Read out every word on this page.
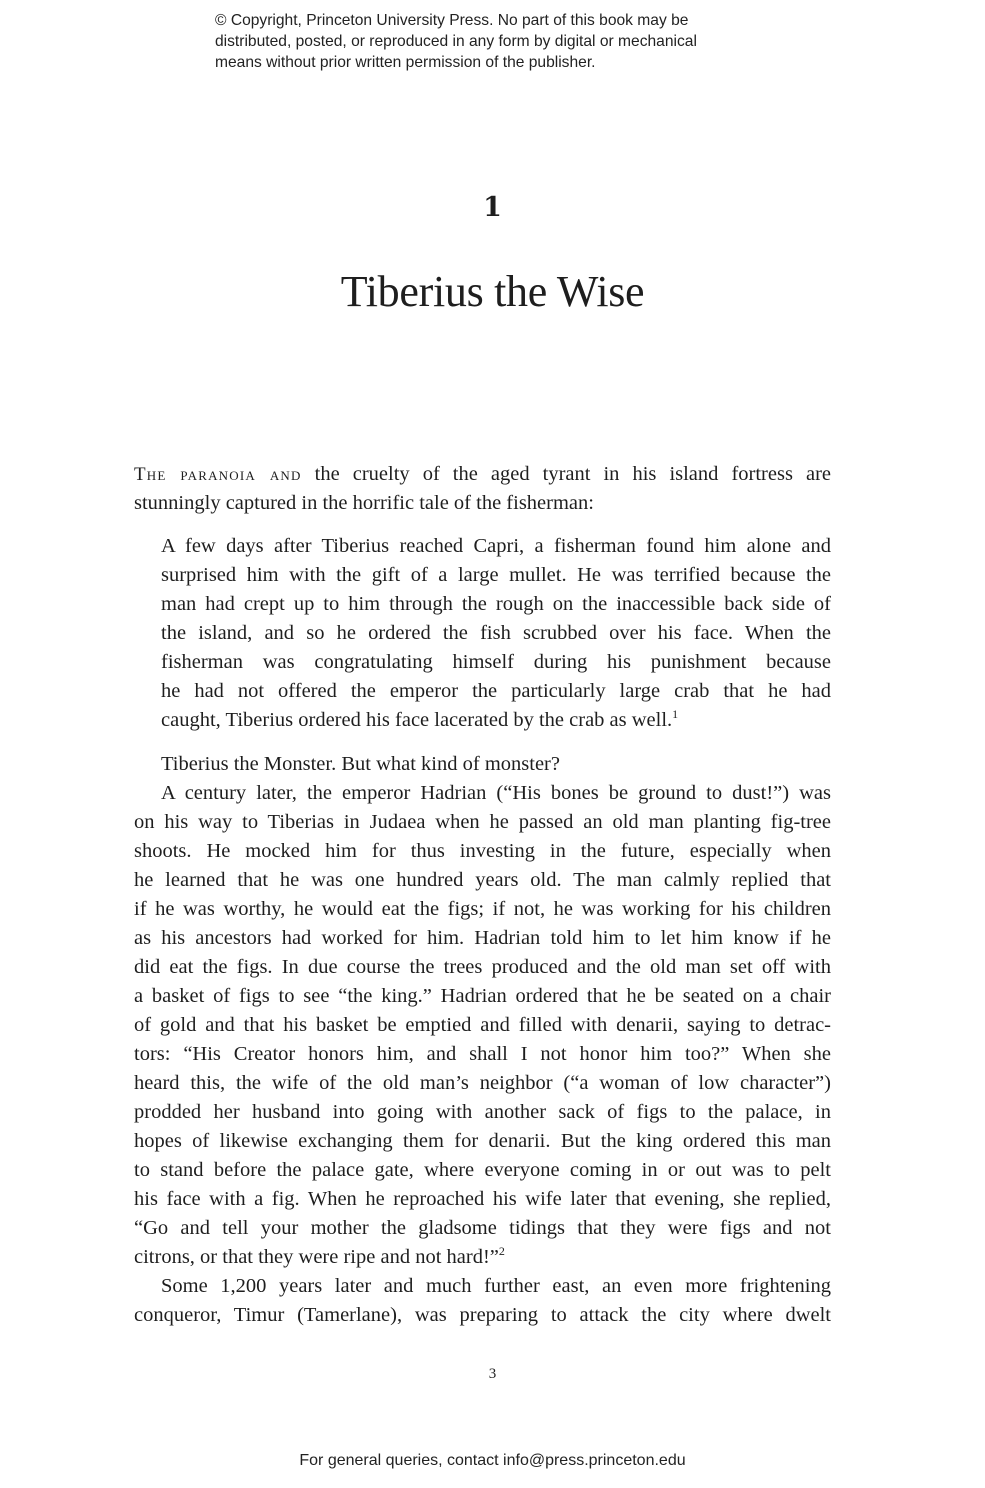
© Copyright, Princeton University Press. No part of this book may be
distributed, posted, or reproduced in any form by digital or mechanical
means without prior written permission of the publisher.
1
Tiberius the Wise
The paranoia and the cruelty of the aged tyrant in his island fortress are
stunningly captured in the horrific tale of the fisherman:
A few days after Tiberius reached Capri, a fisherman found him alone and
surprised him with the gift of a large mullet. He was terrified because the
man had crept up to him through the rough on the inaccessible back side of
the island, and so he ordered the fish scrubbed over his face. When the
fisherman was congratulating himself during his punishment because
he had not offered the emperor the particularly large crab that he had
caught, Tiberius ordered his face lacerated by the crab as well.$^1$
Tiberius the Monster. But what kind of monster?
A century later, the emperor Hadrian (“His bones be ground to dust!”) was
on his way to Tiberias in Judaea when he passed an old man planting fig-tree
shoots. He mocked him for thus investing in the future, especially when
he learned that he was one hundred years old. The man calmly replied that
if he was worthy, he would eat the figs; if not, he was working for his children
as his ancestors had worked for him. Hadrian told him to let him know if he
did eat the figs. In due course the trees produced and the old man set off with
a basket of figs to see “the king.” Hadrian ordered that he be seated on a chair
of gold and that his basket be emptied and filled with denarii, saying to detrac-
tors: “His Creator honors him, and shall I not honor him too?” When she
heard this, the wife of the old man’s neighbor (“a woman of low character”)
prodded her husband into going with another sack of figs to the palace, in
hopes of likewise exchanging them for denarii. But the king ordered this man
to stand before the palace gate, where everyone coming in or out was to pelt
his face with a fig. When he reproached his wife later that evening, she replied,
“Go and tell your mother the gladsome tidings that they were figs and not
citrons, or that they were ripe and not hard!”$^2$
Some 1,200 years later and much further east, an even more frightening
conqueror, Timur (Tamerlane), was preparing to attack the city where dwelt
3
For general queries, contact info@press.princeton.edu
